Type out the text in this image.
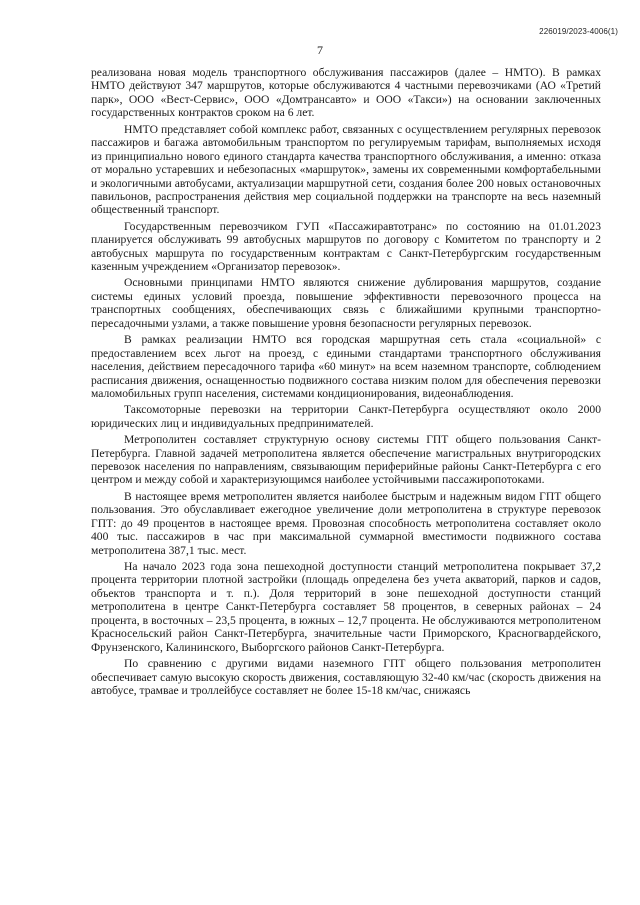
226019/2023-4006(1)
7

реализована новая модель транспортного обслуживания пассажиров (далее – НМТО). В рамках НМТО действуют 347 маршрутов, которые обслуживаются 4 частными перевозчиками (АО «Третий парк», ООО «Вест-Сервис», ООО «Домтрансавто» и ООО «Такси») на основании заключенных государственных контрактов сроком на 6 лет.

НМТО представляет собой комплекс работ, связанных с осуществлением регулярных перевозок пассажиров и багажа автомобильным транспортом по регулируемым тарифам, выполняемых исходя из принципиально нового единого стандарта качества транспортного обслуживания, а именно: отказа от морально устаревших и небезопасных «маршруток», замены их современными комфортабельными и экологичными автобусами, актуализации маршрутной сети, создания более 200 новых остановочных павильонов, распространения действия мер социальной поддержки на транспорте на весь наземный общественный транспорт.

Государственным перевозчиком ГУП «Пассажиравтотранс» по состоянию на 01.01.2023 планируется обслуживать 99 автобусных маршрутов по договору с Комитетом по транспорту и 2 автобусных маршрута по государственным контрактам с Санкт-Петербургским государственным казенным учреждением «Организатор перевозок».

Основными принципами НМТО являются снижение дублирования маршрутов, создание системы единых условий проезда, повышение эффективности перевозочного процесса на транспортных сообщениях, обеспечивающих связь с ближайшими крупными транспортно-пересадочными узлами, а также повышение уровня безопасности регулярных перевозок.

В рамках реализации НМТО вся городская маршрутная сеть стала «социальной» с предоставлением всех льгот на проезд, с едиными стандартами транспортного обслуживания населения, действием пересадочного тарифа «60 минут» на всем наземном транспорте, соблюдением расписания движения, оснащенностью подвижного состава низким полом для обеспечения перевозки маломобильных групп населения, системами кондиционирования, видеонаблюдения.

Таксомоторные перевозки на территории Санкт-Петербурга осуществляют около 2000 юридических лиц и индивидуальных предпринимателей.

Метрополитен составляет структурную основу системы ГПТ общего пользования Санкт-Петербурга. Главной задачей метрополитена является обеспечение магистральных внутригородских перевозок населения по направлениям, связывающим периферийные районы Санкт-Петербурга с его центром и между собой и характеризующимся наиболее устойчивыми пассажиропотоками.

В настоящее время метрополитен является наиболее быстрым и надежным видом ГПТ общего пользования. Это обуславливает ежегодное увеличение доли метрополитена в структуре перевозок ГПТ: до 49 процентов в настоящее время. Провозная способность метрополитена составляет около 400 тыс. пассажиров в час при максимальной суммарной вместимости подвижного состава метрополитена 387,1 тыс. мест.

На начало 2023 года зона пешеходной доступности станций метрополитена покрывает 37,2 процента территории плотной застройки (площадь определена без учета акваторий, парков и садов, объектов транспорта и т. п.). Доля территорий в зоне пешеходной доступности станций метрополитена в центре Санкт-Петербурга составляет 58 процентов, в северных районах – 24 процента, в восточных – 23,5 процента, в южных – 12,7 процента. Не обслуживаются метрополитеном Красносельский район Санкт-Петербурга, значительные части Приморского, Красногвардейского, Фрунзенского, Калининского, Выборгского районов Санкт-Петербурга.

По сравнению с другими видами наземного ГПТ общего пользования метрополитен обеспечивает самую высокую скорость движения, составляющую 32-40 км/час (скорость движения на автобусе, трамвае и троллейбусе составляет не более 15-18 км/час, снижаясь
